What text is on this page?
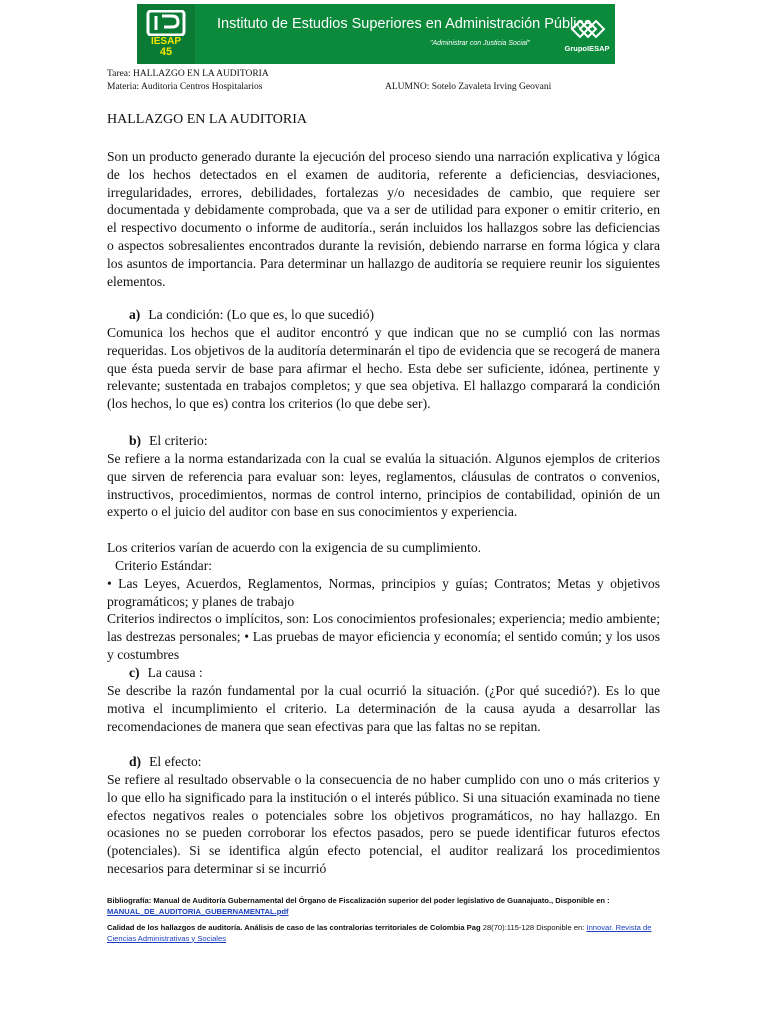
IESAP
45
Instituto de Estudios Superiores en Administración Pública
"Administrar con Justicia Social"	GrupoIESAP
Tarea: HALLAZGO EN LA AUDITORIA
Materia: Auditoria Centros Hospitalarios	ALUMNO: Sotelo Zavaleta Irving Geovani
HALLAZGO EN LA AUDITORIA

Son un producto generado durante la ejecución del proceso siendo una narración explicativa y lógica de los hechos detectados en el examen de auditoria, referente a deficiencias, desviaciones, irregularidades, errores, debilidades, fortalezas y/o necesidades de cambio, que requiere ser documentada y debidamente comprobada, que va a ser de utilidad para exponer o emitir criterio, en el respectivo documento o informe de auditoría., serán incluidos los hallazgos sobre las deficiencias o aspectos sobresalientes encontrados durante la revisión, debiendo narrarse en forma lógica y clara los asuntos de importancia. Para determinar un hallazgo de auditoría se requiere reunir los siguientes elementos.

a) La condición: (Lo que es, lo que sucedió)

Comunica los hechos que el auditor encontró y que indican que no se cumplió con las normas requeridas. Los objetivos de la auditoría determinarán el tipo de evidencia que se recogerá de manera que ésta pueda servir de base para afirmar el hecho. Esta debe ser suficiente, idónea, pertinente y relevante; sustentada en trabajos completos; y que sea objetiva. El hallazgo comparará la condición (los hechos, lo que es) contra los criterios (lo que debe ser).

b) El criterio:

Se refiere a la norma estandarizada con la cual se evalúa la situación. Algunos ejemplos de criterios que sirven de referencia para evaluar son: leyes, reglamentos, cláusulas de contratos o convenios, instructivos, procedimientos, normas de control interno, principios de contabilidad, opinión de un experto o el juicio del auditor con base en sus conocimientos y experiencia.

Los criterios varían de acuerdo con la exigencia de su cumplimiento.
Criterio Estándar:

• Las Leyes, Acuerdos, Reglamentos, Normas, principios y guías; Contratos; Metas y objetivos programáticos; y planes de trabajo

Criterios indirectos o implícitos, son: Los conocimientos profesionales; experiencia; medio ambiente; las destrezas personales; • Las pruebas de mayor eficiencia y economía; el sentido común; y los usos y costumbres

c) La causa :

Se describe la razón fundamental por la cual ocurrió la situación. (¿Por qué sucedió?). Es lo que motiva el incumplimiento el criterio. La determinación de la causa ayuda a desarrollar las recomendaciones de manera que sean efectivas para que las faltas no se repitan.

d) El efecto:

Se refiere al resultado observable o la consecuencia de no haber cumplido con uno o más criterios y lo que ello ha significado para la institución o el interés público. Si una situación examinada no tiene efectos negativos reales o potenciales sobre los objetivos programáticos, no hay hallazgo. En ocasiones no se pueden corroborar los efectos pasados, pero se puede identificar futuros efectos (potenciales). Si se identifica algún efecto potencial, el auditor realizará los procedimientos necesarios para determinar si se incurrió

Bibliografía: Manual de Auditoría Gubernamental del Órgano de Fiscalización superior del poder legislativo de Guanajuato., Disponible en : MANUAL_DE_AUDITORIA_GUBERNAMENTAL.pdf
Calidad de los hallazgos de auditoría. Análisis de caso de las contralorías territoriales de Colombia Pag 28(70):115-128 Disponible en: Innovar. Revista de Ciencias Administrativas y Sociales
